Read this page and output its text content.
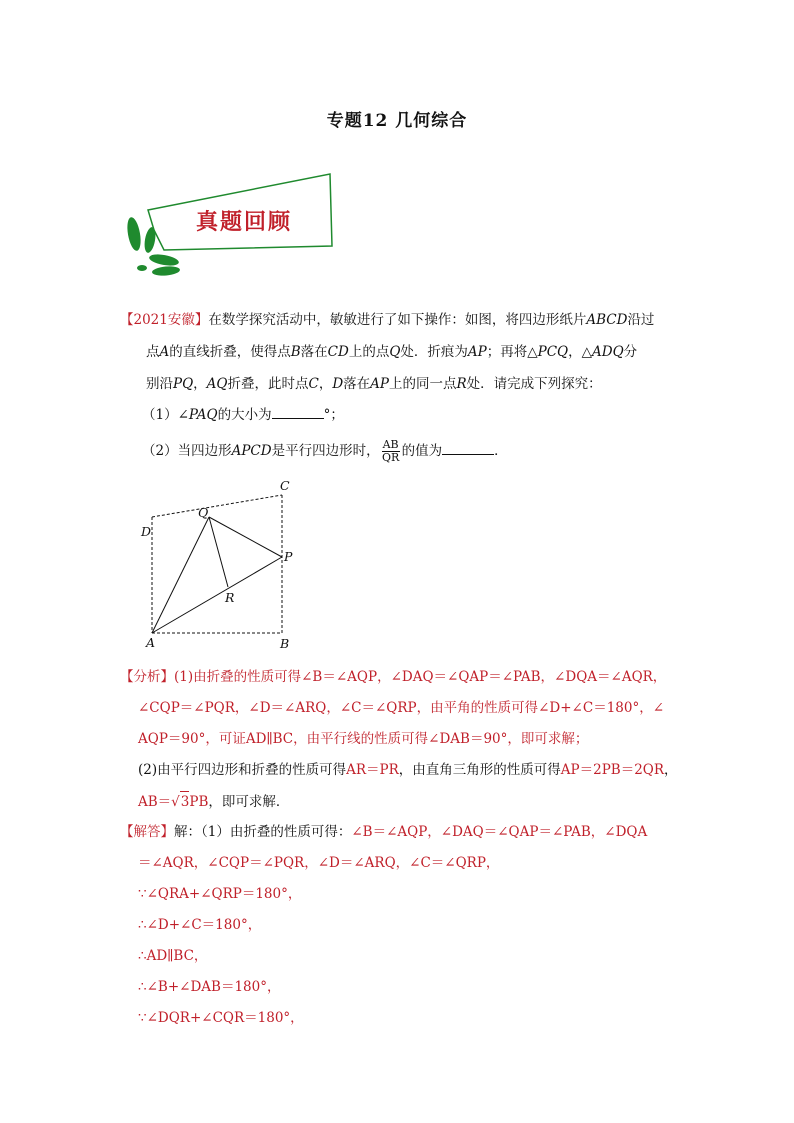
专题12 几何综合
真题回顾
【2021安徽】在数学探究活动中，敏敏进行了如下操作：如图，将四边形纸片ABCD沿过
点A的直线折叠，使得点B落在CD上的点Q处．折痕为AP；再将△PCQ，△ADQ分
别沿PQ，AQ折叠，此时点C，D落在AP上的同一点R处．请完成下列探究：
（1）∠PAQ的大小为	°；
（2）当四边形APCD是平行四边形时， $\frac{AB}{QR}$ 的值为	．
A	B
C
D
P
Q
R
【分析】(1)由折叠的性质可得∠B＝∠AQP，∠DAQ＝∠QAP＝∠PAB，∠DQA＝∠AQR，
∠CQP＝∠PQR，∠D＝∠ARQ，∠C＝∠QRP，由平角的性质可得∠D+∠C＝180°，∠
AQP＝90°，可证AD∥BC，由平行线的性质可得∠DAB＝90°，即可求解；
(2)由平行四边形和折叠的性质可得AR＝PR，由直角三角形的性质可得AP＝2PB＝2QR，
AB＝√3PB，即可求解．
【解答】解：（1）由折叠的性质可得：∠B＝∠AQP，∠DAQ＝∠QAP＝∠PAB，∠DQA
＝∠AQR，∠CQP＝∠PQR，∠D＝∠ARQ，∠C＝∠QRP，
∵∠QRA+∠QRP＝180°，
∴∠D+∠C＝180°，
∴AD∥BC，
∴∠B+∠DAB＝180°，
∵∠DQR+∠CQR＝180°，
